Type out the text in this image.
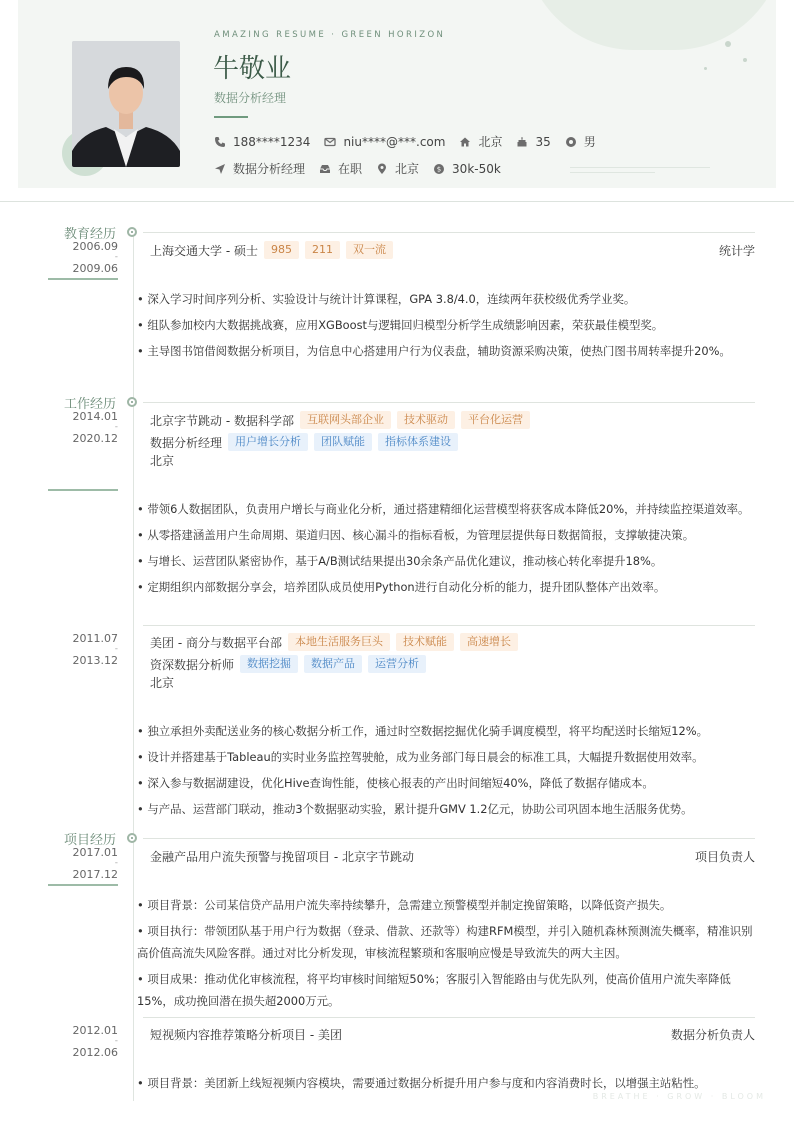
AMAZING RESUME · GREEN HORIZON
牛敬业
数据分析经理
188****1234	niu****@***.com	北京	35	男
数据分析经理	在职	北京	$ 30k-50k
教育经历
2006.09
-
2009.06
上海交通大学 - 硕士	985	211	双一流	统计学
• 深入学习时间序列分析、实验设计与统计计算课程，GPA 3.8/4.0，连续两年获校级优秀学业奖。
• 组队参加校内大数据挑战赛，应用XGBoost与逻辑回归模型分析学生成绩影响因素，荣获最佳模型奖。
• 主导图书馆借阅数据分析项目，为信息中心搭建用户行为仪表盘，辅助资源采购决策，使热门图书周转率提升20%。
工作经历
2014.01
-
2020.12
北京字节跳动 - 数据科学部	互联网头部企业	技术驱动	平台化运营
数据分析经理	用户增长分析	团队赋能	指标体系建设
北京
• 带领6人数据团队，负责用户增长与商业化分析，通过搭建精细化运营模型将获客成本降低20%，并持续监控渠道效率。
• 从零搭建涵盖用户生命周期、渠道归因、核心漏斗的指标看板，为管理层提供每日数据简报，支撑敏捷决策。
• 与增长、运营团队紧密协作，基于A/B测试结果提出30余条产品优化建议，推动核心转化率提升18%。
• 定期组织内部数据分享会，培养团队成员使用Python进行自动化分析的能力，提升团队整体产出效率。
2011.07
-
2013.12
美团 - 商分与数据平台部	本地生活服务巨头	技术赋能	高速增长
资深数据分析师	数据挖掘	数据产品	运营分析
北京
• 独立承担外卖配送业务的核心数据分析工作，通过时空数据挖掘优化骑手调度模型，将平均配送时长缩短12%。
• 设计并搭建基于Tableau的实时业务监控驾驶舱，成为业务部门每日晨会的标准工具，大幅提升数据使用效率。
• 深入参与数据湖建设，优化Hive查询性能，使核心报表的产出时间缩短40%，降低了数据存储成本。
• 与产品、运营部门联动，推动3个数据驱动实验，累计提升GMV 1.2亿元，协助公司巩固本地生活服务优势。
项目经历
2017.01
-
2017.12
金融产品用户流失预警与挽留项目 - 北京字节跳动	项目负责人
• 项目背景：公司某信贷产品用户流失率持续攀升，急需建立预警模型并制定挽留策略，以降低资产损失。
• 项目执行：带领团队基于用户行为数据（登录、借款、还款等）构建RFM模型，并引入随机森林预测流失概率，精准识别高价值高流失风险客群。通过对比分析发现，审核流程繁琐和客服响应慢是导致流失的两大主因。
• 项目成果：推动优化审核流程，将平均审核时间缩短50%；客服引入智能路由与优先队列，使高价值用户流失率降低15%，成功挽回潜在损失超2000万元。
2012.01
-
2012.06
短视频内容推荐策略分析项目 - 美团	数据分析负责人
• 项目背景：美团新上线短视频内容模块，需要通过数据分析提升用户参与度和内容消费时长，以增强主站粘性。
BREATHE · GROW · BLOOM
